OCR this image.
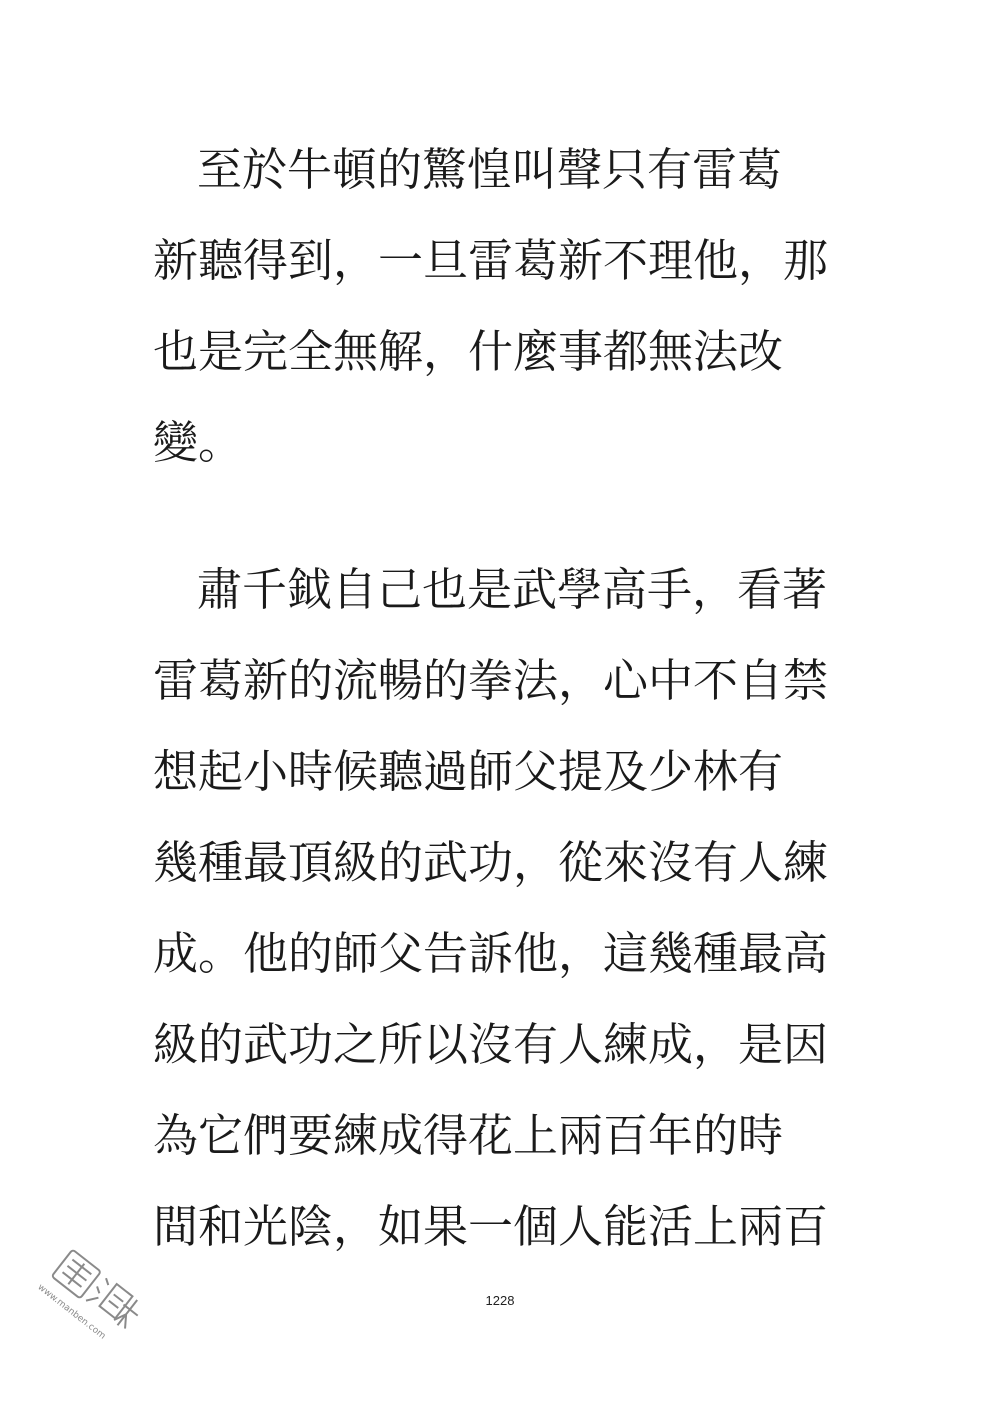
至於牛頓的驚惶叫聲只有雷葛
新聽得到，一旦雷葛新不理他，那
也是完全無解，什麼事都無法改
變。
肅千鉞自己也是武學高手，看著
雷葛新的流暢的拳法，心中不自禁
想起小時候聽過師父提及少林有
幾種最頂級的武功，從來沒有人練
成。他的師父告訴他，這幾種最高
級的武功之所以沒有人練成，是因
為它們要練成得花上兩百年的時
間和光陰，如果一個人能活上兩百
1228
www.manben.com
